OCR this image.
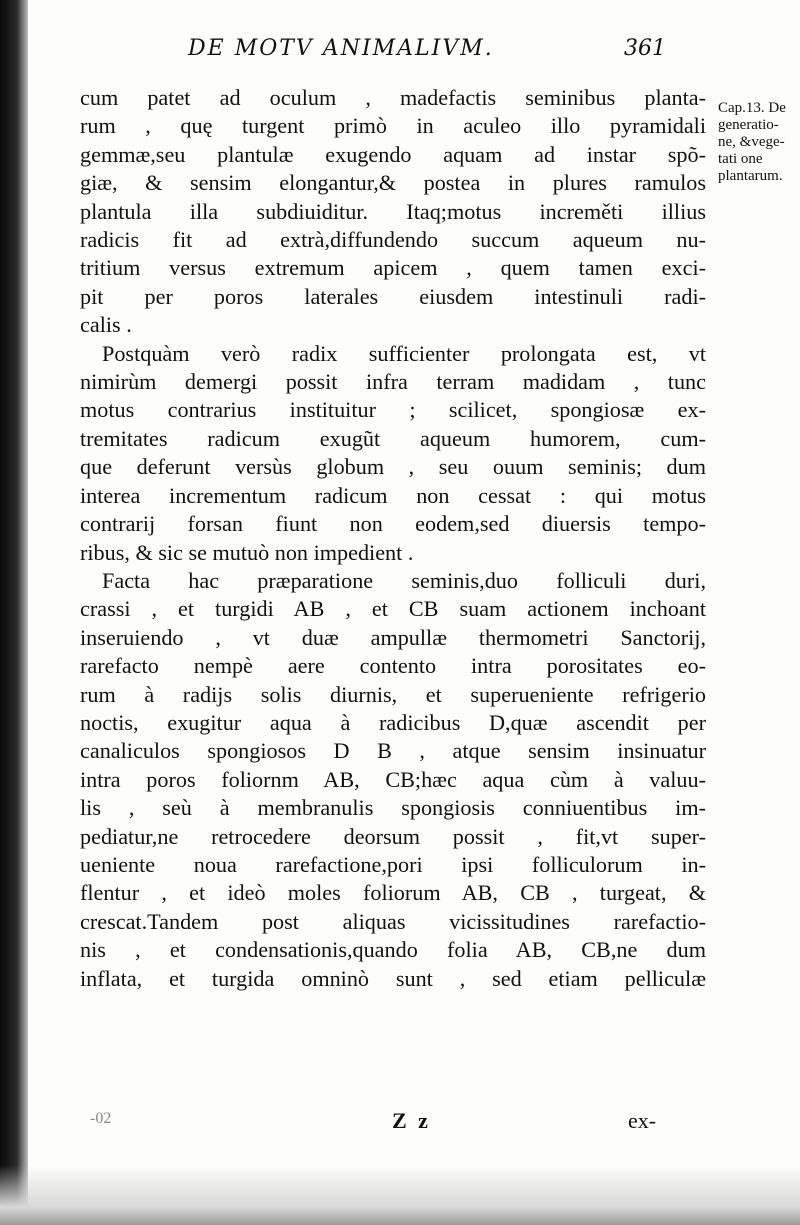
DE MOTV ANIMALIVM.	361
cum patet ad oculum , madefactis seminibus planta-
rum , quę turgent primò in aculeo illo pyramidali
gemmæ,seu plantulæ exugendo aquam ad instar spõ-
giæ, & sensim elongantur,& postea in plures ramulos
plantula illa subdiuiditur. Itaq;motus increměti illius
radicis fit ad extrà,diffundendo succum aqueum nu-
tritium versus extremum apicem , quem tamen exci-
pit per poros laterales eiusdem intestinuli radi-
calis .
Postquàm verò radix sufficienter prolongata est, vt
nimirùm demergi possit infra terram madidam , tunc
motus contrarius instituitur ; scilicet, spongiosæ ex-
tremitates radicum exugũt aqueum humorem, cum-
que deferunt versùs globum , seu ouum seminis; dum
interea incrementum radicum non cessat : qui motus
contrarij forsan fiunt non eodem,sed diuersis tempo-
ribus, & sic se mutuò non impedient .
Facta hac præparatione seminis,duo folliculi duri,
crassi , et turgidi AB , et CB suam actionem inchoant
inseruiendo , vt duæ ampullæ thermometri Sanctorij,
rarefacto nempè aere contento intra porositates eo-
rum à radijs solis diurnis, et superueniente refrigerio
noctis, exugitur aqua à radicibus D,quæ ascendit per
canaliculos spongiosos D B , atque sensim insinuatur
intra poros foliornm AB, CB;hæc aqua cùm à valuu-
lis , seù à membranulis spongiosis conniuentibus im-
pediatur,ne retrocedere deorsum possit , fit,vt super-
ueniente noua rarefactione,pori ipsi folliculorum in-
flentur , et ideò moles foliorum AB, CB , turgeat, &
crescat.Tandem post aliquas vicissitudines rarefactio-
nis , et condensationis,quando folia AB, CB,ne dum
inflata, et turgida omninò sunt , sed etiam pelliculæ
Cap.13. De
generatio-
ne, &vege-
tati one
plantarum.
-02	Z z	ex-
